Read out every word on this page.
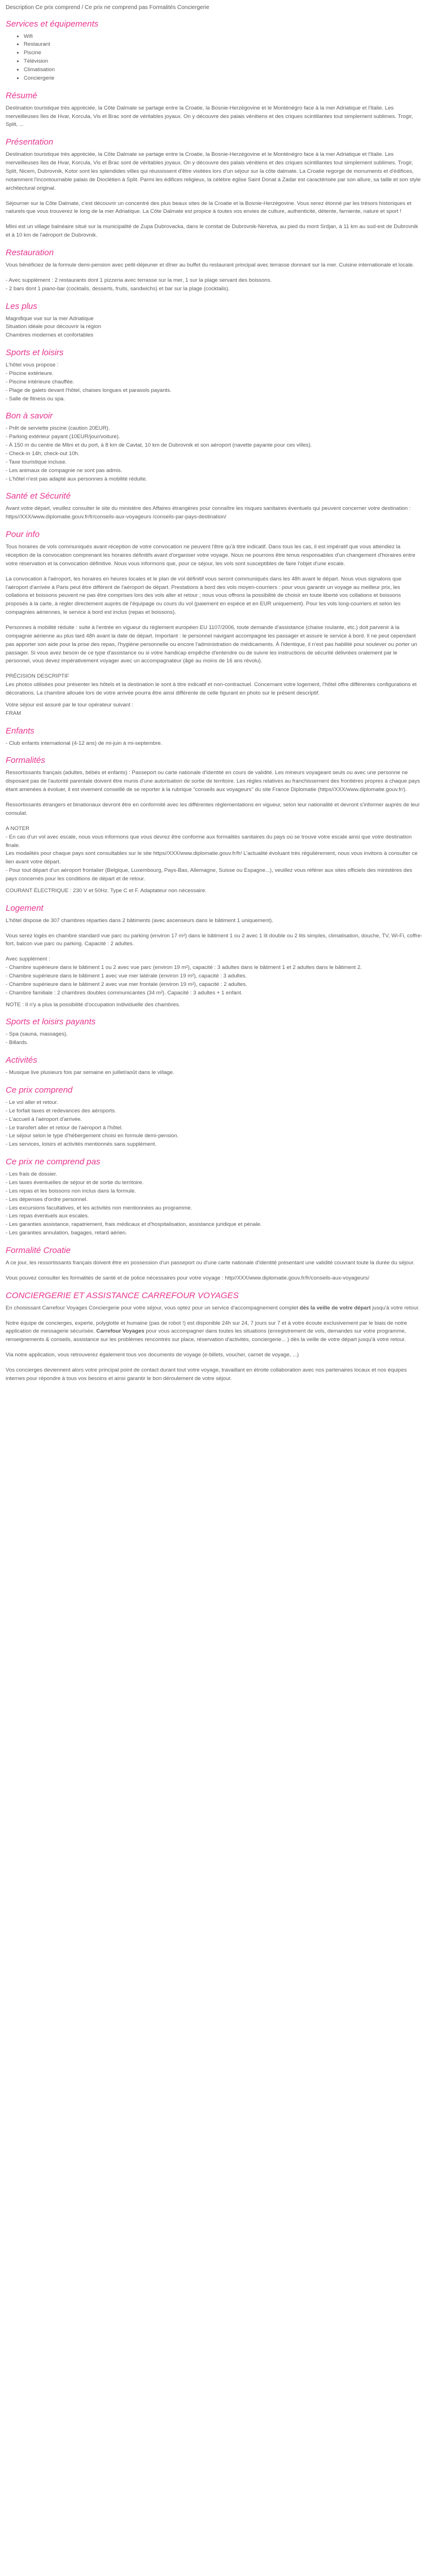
Description Ce prix comprend / Ce prix ne comprend pas Formalités Conciergerie

Services et équipements
• Wifi
• Restaurant
• Piscine
• Télévision
• Climatisation
• Conciergerie
Résumé

Destination touristique très appréciée, la Côte Dalmate se partage entre la Croatie, la Bosnie-Herzégovine et le Monténégro face à la mer Adriatique et l'Italie. Les merveilleuses îles de Hvar, Korcula, Vis et Brac sont de véritables joyaux. On y découvre des palais vénitiens et des criques scintillantes tout simplement sublimes. Trogir, Split, ...

Présentation

Destination touristique très appréciée, la Côte Dalmate se partage entre la Croatie, la Bosnie-Herzégovine et le Monténégro face à la mer Adriatique et l'Italie. Les merveilleuses îles de Hvar, Korcula, Vis et Brac sont de véritables joyaux. On y découvre des palais vénitiens et des criques scintillantes tout simplement sublimes. Trogir, Split, Nicem, Dubrovnik, Kotor sont les splendides villes qui réussissent d'être visitées lors d'un séjour sur la côte dalmate. La Croatie regorge de monuments et d'édifices, notamment l'incontournable palais de Dioclétien à Split. Parmi les édifices religieux, la célèbre église Saint Donat à Zadar est caractérisée par son allure, sa taille et son style architectural original.

Séjourner sur la Côte Dalmate, c'est découvrir un concentré des plus beaux sites de la Croatie et la Bosnie-Herzégovine. Vous serez étonné par les trésors historiques et naturels que vous trouverez le long de la mer Adriatique. La Côte Dalmate est propice à toutes vos envies de culture, authenticité, détente, farniente, nature et sport !

Mlini est un village balnéaire situé sur la municipalité de Zupa Dubrovacka, dans le comitat de Dubrovnik-Neretva, au pied du mont Srdjan, à 11 km au sud-est de Dubrovnik et à 10 km de l'aéroport de Dubrovnik.

Restauration

Vous bénéficiez de la formule demi-pension avec petit-déjeuner et dîner au buffet du restaurant principal avec terrasse donnant sur la mer. Cuisine internationale et locale.

- Avec supplément : 2 restaurants dont 1 pizzeria avec terrasse sur la mer, 1 sur la plage servant des boissons.

- 2 bars dont 1 piano-bar (cocktails, desserts, fruits, sandwichs) et bar sur la plage (cocktails).

Les plus

Magnifique vue sur la mer Adriatique

Situation idéale pour découvrir la région

Chambres modernes et confortables

Sports et loisirs

L'hôtel vous propose :

- Piscine extérieure.

- Piscine intérieure chauffée.

- Plage de galets devant l'hôtel, chaises longues et parasols payants.

- Salle de fitness ou spa.

Bon à savoir

- Prêt de serviette piscine (caution 20EUR).

- Parking extérieur payant (10EUR/jour/voiture).

- À 150 m du centre de Mlini et du port, à 8 km de Cavtat, 10 km de Dubrovnik et son aéroport (navette payante pour ces villes).

- Check-in 14h; check-out 10h.

- Taxe touristique incluse.

- Les animaux de compagnie ne sont pas admis.

- L'hôtel n'est pas adapté aux personnes à mobilité réduite.

Santé et Sécurité

Avant votre départ, veuillez consulter le site du ministère des Affaires étrangères pour connaître les risques sanitaires éventuels qui peuvent concerner votre destination : https//XXX/www.diplomatie.gouv.fr/fr/conseils-aux-voyageurs /conseils-par-pays-destination/

Pour info

Tous horaires de vols communiqués avant réception de votre convocation ne peuvent l'être qu'à titre indicatif. Dans tous les cas, il est impératif que vous attendiez la réception de la convocation comprenant les horaires définitifs avant d'organiser votre voyage. Nous ne pourrons être tenus responsables d'un changement d'horaires entre votre réservation et la convocation définitive. Nous vous informons que, pour ce séjour, les vols sont susceptibles de faire l'objet d'une escale.

La convocation à l'aéroport, les horaires en heures locales et le plan de vol définitif vous seront communiqués dans les 48h avant le départ. Nous vous signalons que l'aéroport d'arrivée à Paris peut être différent de l'aéroport de départ. Prestations à bord des vols moyen-courriers : pour vous garantir un voyage au meilleur prix, les collations et boissons peuvent ne pas être comprises lors des vols aller et retour ; nous vous offrons la possibilité de choisir en toute liberté vos collations et boissons proposés à la carte, à régler directement auprès de l'équipage ou cours du vol (paiement en espèce et en EUR uniquement). Pour les vols long-courriers et selon les compagnies aériennes, le service à bord est inclus (repas et boissons).

Personnes à mobilité réduite : suite à l'entrée en vigueur du règlement européen EU 1107/2006, toute demande d'assistance (chaise roulante, etc.) doit parvenir à la compagnie aérienne au plus tard 48h avant la date de départ. Important : le personnel navigant accompagne les passager et assure le service à bord. Il ne peut cependant pas apporter son aide pour la prise des repas, l'hygiène personnelle ou encore l'administration de médicaments. À l'identique, il n'est pas habilité pour soulever ou porter un passager. Si vous avez besoin de ce type d'assistance ou si votre handicap empêche d'entendre ou de suivre les instructions de sécurité délivrées oralement par le personnel, vous devez impérativement voyager avec un accompagnateur (âgé au moins de 16 ans révolu).

PRÉCISION DESCRIPTIF

Les photos utilisées pour présenter les hôtels et la destination le sont à titre indicatif et non-contractuel. Concernant votre logement, l'hôtel offre différentes configurations et décorations. La chambre allouée lors de votre arrivée pourra être ainsi différente de celle figurant en photo sur le présent descriptif.

Votre séjour est assuré par le tour opérateur suivant :

FRAM

Enfants

- Club enfants international (4-12 ans) de mi-juin à mi-septembre.

Formalités

Ressortissants français (adultes, bébés et enfants) : Passeport ou carte nationale d'identité en cours de validité. Les mineurs voyageant seuls ou avec une personne ne disposant pas de l'autorité parentale doivent être munis d'une autorisation de sortie de territoire. Les règles relatives au franchissement des frontières propres à chaque pays étant amenées à évoluer, il est vivement conseillé de se reporter à la rubrique "conseils aux voyageurs" du site France Diplomatie (https//XXX/www.diplomatie.gouv.fr/).

Ressortissants étrangers et binationaux devront être en conformité avec les différentes réglementations en vigueur, selon leur nationalité et devront s'informer auprès de leur consulat.

A NOTER

- En cas d'un vol avec escale, nous vous informons que vous devrez être conforme aux formalités sanitaires du pays où se trouve votre escale ainsi que votre destination finale.

Les modalités pour chaque pays sont consultables sur le site https//XXX/www.diplomatie.gouv.fr/fr/ L'actualité évoluant très régulièrement, nous vous invitons à consulter ce lien avant votre départ.

- Pour tout départ d'un aéroport frontalier (Belgique, Luxembourg, Pays-Bas, Allemagne, Suisse ou Espagne...), veuillez vous référer aux sites officiels des ministères des pays concernés pour les conditions de départ et de retour.

COURANT ÉLECTRIQUE : 230 V et 50Hz. Type C et F. Adaptateur non nécessaire.

Logement

L'hôtel dispose de 307 chambres réparties dans 2 bâtiments (avec ascenseurs dans le bâtiment 1 uniquement).

Vous serez logés en chambre standard vue parc ou parking (environ 17 m²) dans le bâtiment 1 ou 2 avec 1 lit double ou 2 lits simples, climatisation, douche, TV, Wi-Fi, coffre-fort, balcon vue parc ou parking. Capacité : 2 adultes.

Avec supplément :

- Chambre supérieure dans le bâtiment 1 ou 2 avec vue parc (environ 19 m²), capacité : 3 adultes dans le bâtiment 1 et 2 adultes dans le bâtiment 2.

- Chambre supérieure dans le bâtiment 1 avec vue mer latérale (environ 19 m²), capacité : 3 adultes.

- Chambre supérieure dans le bâtiment 2 avec vue mer frontale (environ 19 m²), capacité : 2 adultes.

- Chambre familiale : 2 chambres doubles communicantes (34 m²). Capacité : 3 adultes + 1 enfant.

NOTE : Il n'y a plus la possibilité d'occupation individuelle des chambres.

Sports et loisirs payants

- Spa (sauna, massages).

- Billards.

Activités

- Musique live plusieurs fois par semaine en juillet/août dans le village.

Ce prix comprend

- Le vol aller et retour.

- Le forfait taxes et redevances des aéroports.

- L'accueil à l'aéroport d'arrivée.

- Le transfert aller et retour de l'aéroport à l'hôtel.

- Le séjour selon le type d'hébergement choisi en formule demi-pension.

- Les services, loisirs et activités mentionnés sans supplément.

Ce prix ne comprend pas

- Les frais de dossier.

- Les taxes éventuelles de séjour et de sortie du territoire.

- Les repas et les boissons non inclus dans la formule.

- Les dépenses d'ordre personnel.

- Les excursions facultatives, et les activités non mentionnées au programme.

- Les repas éventuels aux escales.

- Les garanties assistance, rapatriement, frais médicaux et d'hospitalisation, assistance juridique et pénale.

- Les garanties annulation, bagages, retard aérien.

Formalité Croatie

A ce jour, les ressortissants français doivent être en possession d'un passeport ou d'une carte nationale d'identité présentant une validité couvrant toute la durée du séjour.

Vous pouvez consulter les formalités de santé et de police nécessaires pour votre voyage : http//XXX/www.diplomatie.gouv.fr/fr/conseils-aux-voyageurs/

CONCIERGERIE ET ASSISTANCE CARREFOUR VOYAGES

En choisissant Carrefour Voyages Conciergerie pour votre séjour, vous optez pour un service d'accompagnement complet dès la veille de votre départ jusqu'à votre retour.

Notre équipe de concierges, experte, polyglotte et humaine (pas de robot !) est disponible 24h sur 24, 7 jours sur 7 et à votre écoute exclusivement par le biais de notre application de messagerie sécurisée. Carrefour Voyages pour vous accompagner dans toutes les situations (enregistrement de vols, demandes sur votre programme, renseignements & conseils, assistance sur les problèmes rencontrés sur place, réservation d'activités, conciergerie... ) dès la veille de votre départ jusqu'à votre retour.

Via notre application, vous retrouverez également tous vos documents de voyage (e-billets, voucher, carnet de voyage, ...)

Vos concierges deviennent alors votre principal point de contact durant tout votre voyage, travaillant en étroite collaboration avec nos partenaires locaux et nos équipes internes pour répondre à tous vos besoins et ainsi garantir le bon déroulement de votre séjour.
